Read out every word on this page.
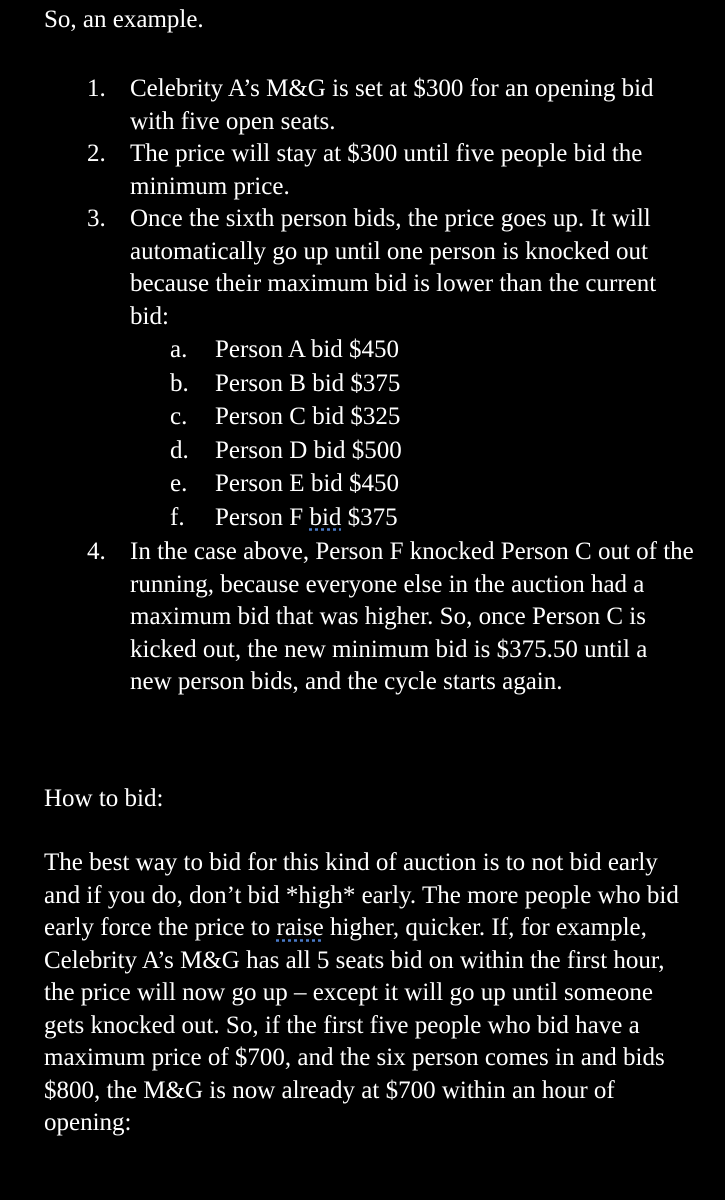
So, an example.

1. Celebrity A’s M&G is set at $300 for an opening bid with five open seats.
2. The price will stay at $300 until five people bid the minimum price.
3. Once the sixth person bids, the price goes up. It will automatically go up until one person is knocked out because their maximum bid is lower than the current bid:
a. Person A bid $450
b. Person B bid $375
c. Person C bid $325
d. Person D bid $500
e. Person E bid $450
f. Person F bid $375
4. In the case above, Person F knocked Person C out of the running, because everyone else in the auction had a maximum bid that was higher. So, once Person C is kicked out, the new minimum bid is $375.50 until a new person bids, and the cycle starts again.

How to bid:

The best way to bid for this kind of auction is to not bid early and if you do, don’t bid *high* early. The more people who bid early force the price to raise higher, quicker. If, for example, Celebrity A’s M&G has all 5 seats bid on within the first hour, the price will now go up – except it will go up until someone gets knocked out. So, if the first five people who bid have a maximum price of $700, and the six person comes in and bids $800, the M&G is now already at $700 within an hour of opening:
